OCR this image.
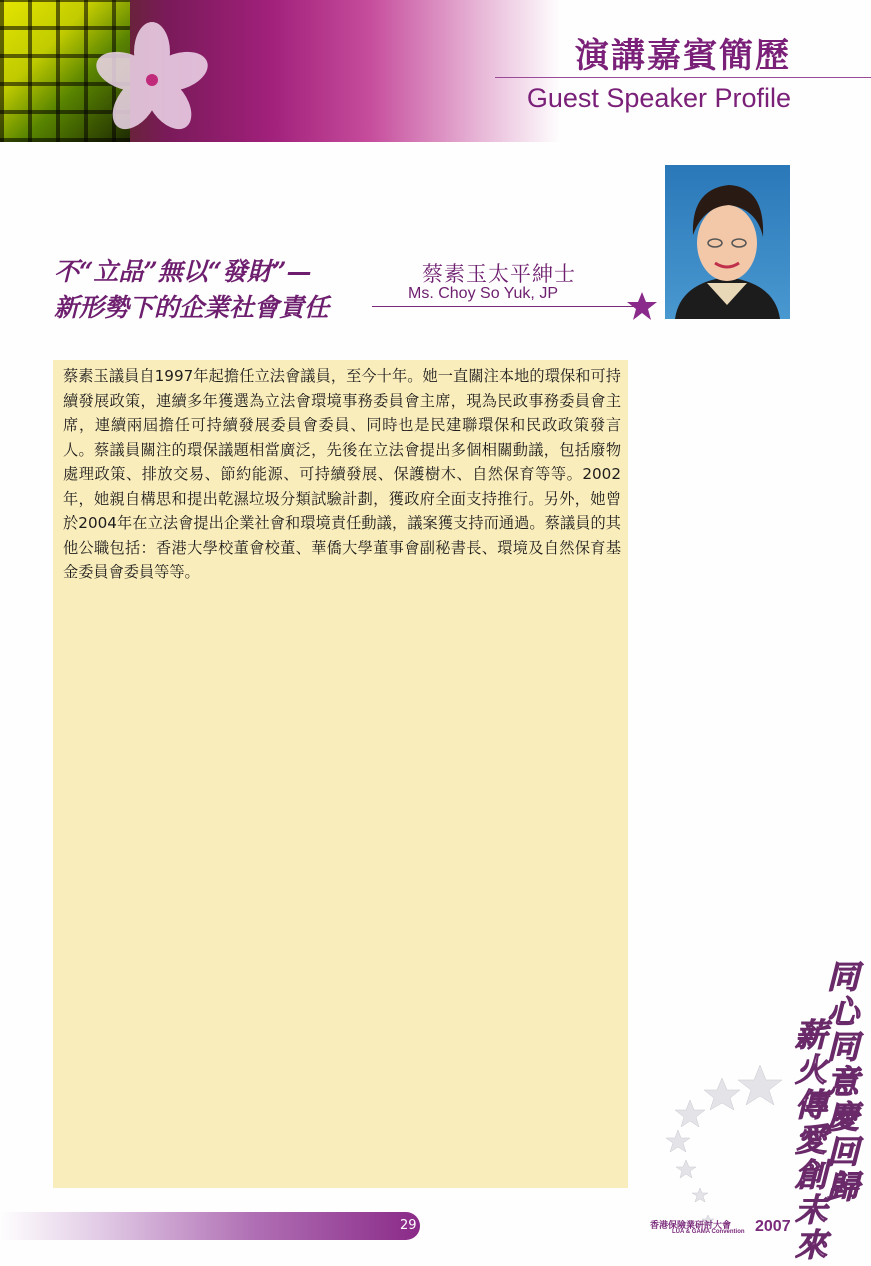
演講嘉賓簡歷
Guest Speaker Profile
不“立品”無以“發財”—
新形勢下的企業社會責任
蔡素玉太平紳士
Ms. Choy So Yuk, JP
蔡素玉議員自1997年起擔任立法會議員，至今十年。她一直關注本地的環保和可持續發展政策，連續多年獲選為立法會環境事務委員會主席，現為民政事務委員會主席，連續兩屆擔任可持續發展委員會委員、同時也是民建聯環保和民政政策發言人。蔡議員關注的環保議題相當廣泛，先後在立法會提出多個相關動議，包括廢物處理政策、排放交易、節約能源、可持續發展、保護樹木、自然保育等等。2002年，她親自構思和提出乾濕垃圾分類試驗計劃，獲政府全面支持推行。另外，她曾於2004年在立法會提出企業社會和環境責任動議，議案獲支持而通過。蔡議員的其他公職包括：香港大學校董會校董、華僑大學董事會副秘書長、環境及自然保育基金委員會委員等等。
29
同心同意慶回歸
薪火傳愛創未來
香港保險業研討大會
LUA & GAMA Convention 2007
